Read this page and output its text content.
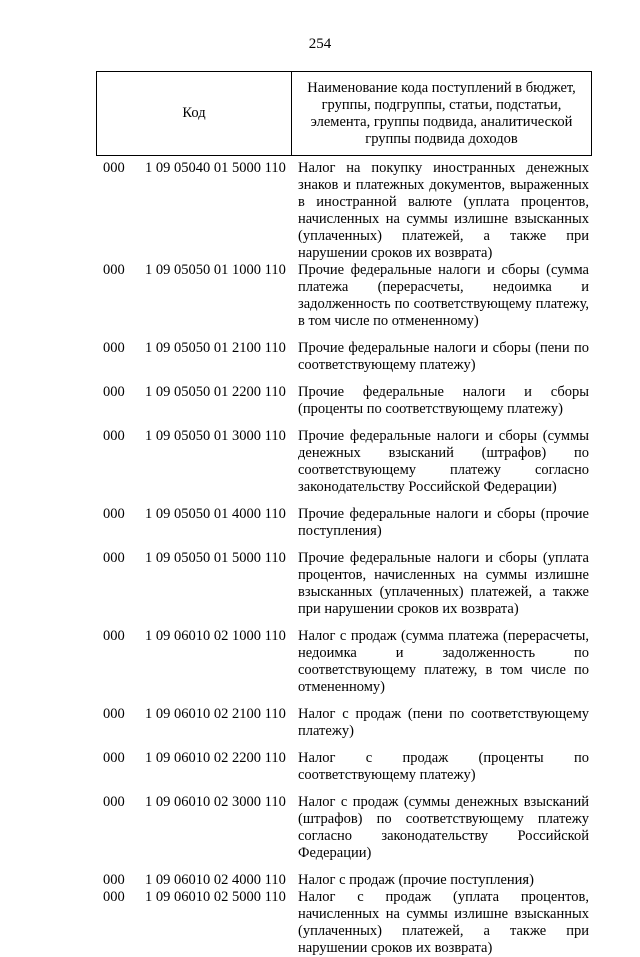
254
Код
Наименование кода поступлений в бюджет, группы, подгруппы, статьи, подстатьи, элемента, группы подвида, аналитической группы подвида доходов
000	1 09 05040 01 5000 110 Налог на покупку иностранных денежных знаков и платежных документов, выраженных в иностранной валюте (уплата процентов, начисленных на суммы излишне взысканных (уплаченных) платежей, а также при нарушении сроков их возврата)
000	1 09 05050 01 1000 110 Прочие федеральные налоги и сборы (сумма платежа (перерасчеты, недоимка и задолженность по соответствующему платежу, в том числе по отмененному)
000	1 09 05050 01 2100 110 Прочие федеральные налоги и сборы (пени по соответствующему платежу)
000	1 09 05050 01 2200 110 Прочие федеральные налоги и сборы (проценты по соответствующему платежу)
000	1 09 05050 01 3000 110 Прочие федеральные налоги и сборы (суммы денежных взысканий (штрафов) по соответствующему платежу согласно законодательству Российской Федерации)
000	1 09 05050 01 4000 110 Прочие федеральные налоги и сборы (прочие поступления)
000	1 09 05050 01 5000 110 Прочие федеральные налоги и сборы (уплата процентов, начисленных на суммы излишне взысканных (уплаченных) платежей, а также при нарушении сроков их возврата)
000	1 09 06010 02 1000 110 Налог с продаж (сумма платежа (перерасчеты, недоимка и задолженность по соответствующему платежу, в том числе по отмененному)
000	1 09 06010 02 2100 110 Налог с продаж (пени по соответствующему платежу)
000	1 09 06010 02 2200 110 Налог с продаж (проценты по соответствующему платежу)
000	1 09 06010 02 3000 110 Налог с продаж (суммы денежных взысканий (штрафов) по соответствующему платежу согласно законодательству Российской Федерации)
000	1 09 06010 02 4000 110 Налог с продаж (прочие поступления)
000	1 09 06010 02 5000 110 Налог с продаж (уплата процентов, начисленных на суммы излишне взысканных (уплаченных) платежей, а также при нарушении сроков их возврата)
